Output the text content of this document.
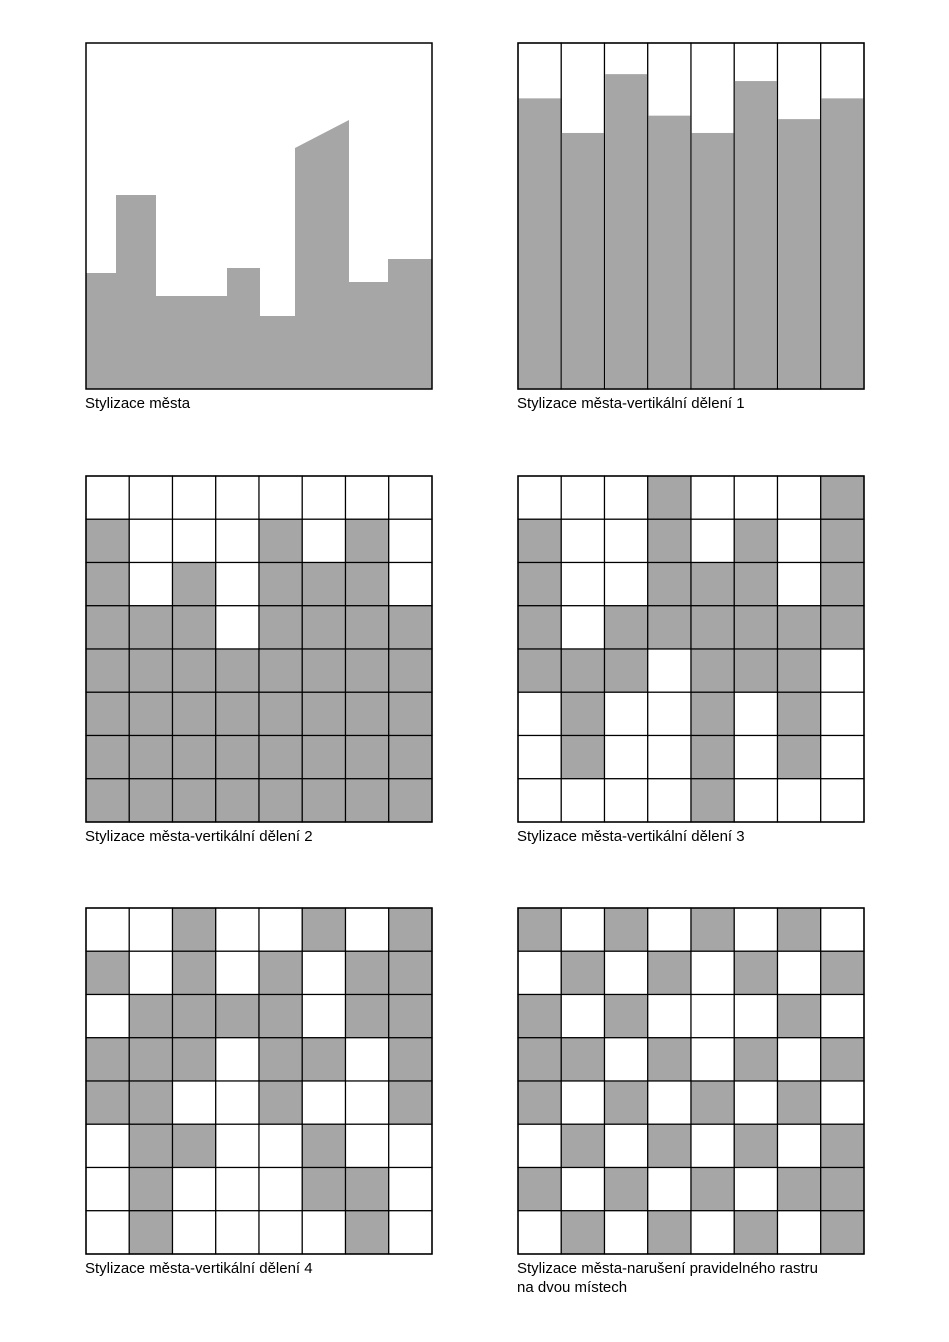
Stylizace města	Stylizace města-vertikální dělení 1
Stylizace města-vertikální dělení 2	Stylizace města-vertikální dělení 3
Stylizace města-vertikální dělení 4	Stylizace města-narušení pravidelného rastru
na dvou místech
